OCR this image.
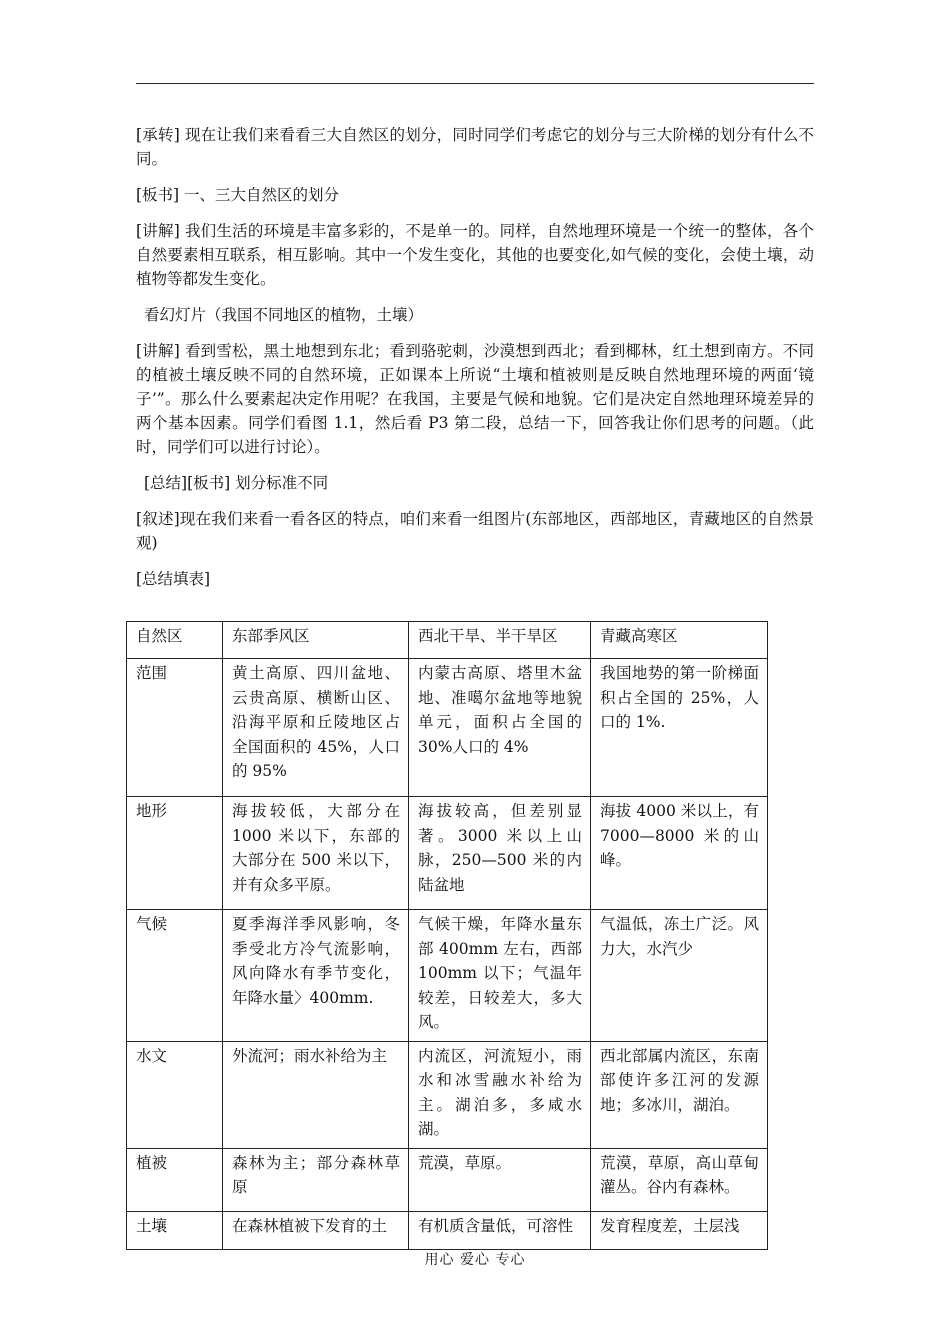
[承转] 现在让我们来看看三大自然区的划分，同时同学们考虑它的划分与三大阶梯的划分有什么不同。

[板书] 一、三大自然区的划分

[讲解] 我们生活的环境是丰富多彩的，不是单一的。同样，自然地理环境是一个统一的整体，各个自然要素相互联系，相互影响。其中一个发生变化，其他的也要变化,如气候的变化，会使土壤，动植物等都发生变化。

看幻灯片（我国不同地区的植物，土壤）

[讲解] 看到雪松，黑土地想到东北；看到骆驼刺，沙漠想到西北；看到椰林，红土想到南方。不同的植被土壤反映不同的自然环境，正如课本上所说“土壤和植被则是反映自然地理环境的两面‘镜子’”。那么什么要素起决定作用呢？在我国，主要是气候和地貌。它们是决定自然地理环境差异的两个基本因素。同学们看图 1.1，然后看 P3 第二段，总结一下，回答我让你们思考的问题。（此时，同学们可以进行讨论）。

[总结][板书] 划分标准不同

[叙述]现在我们来看一看各区的特点，咱们来看一组图片(东部地区，西部地区，青藏地区的自然景观)

[总结填表]

自然区	东部季风区	西北干旱、半干旱区	青藏高寒区
范围	黄土高原、四川盆地、云贵高原、横断山区、沿海平原和丘陵地区占全国面积的 45%，人口的 95%	内蒙古高原、塔里木盆地、准噶尔盆地等地貌单元，面积占全国的 30%人口的 4%	我国地势的第一阶梯面积占全国的 25%，人口的 1%.
地形	海拔较低，大部分在 1000 米以下，东部的大部分在 500 米以下，并有众多平原。	海拔较高，但差别显著。3000 米以上山脉，250—500 米的内陆盆地	海拔 4000 米以上，有 7000—8000 米的山峰。
气候	夏季海洋季风影响，冬季受北方冷气流影响，风向降水有季节变化，年降水量〉400mm.	气候干燥，年降水量东部 400mm 左右，西部 100mm 以下；气温年较差，日较差大，多大风。	气温低，冻土广泛。风力大，水汽少
水文	外流河；雨水补给为主	内流区，河流短小，雨水和冰雪融水补给为主。湖泊多，多咸水湖。	西北部属内流区，东南部使许多江河的发源地；多冰川，湖泊。
植被	森林为主；部分森林草原	荒漠，草原。	荒漠，草原，高山草甸灌丛。谷内有森林。
土壤	在森林植被下发育的土	有机质含量低，可溶性	发育程度差，土层浅
用心 爱心 专心
